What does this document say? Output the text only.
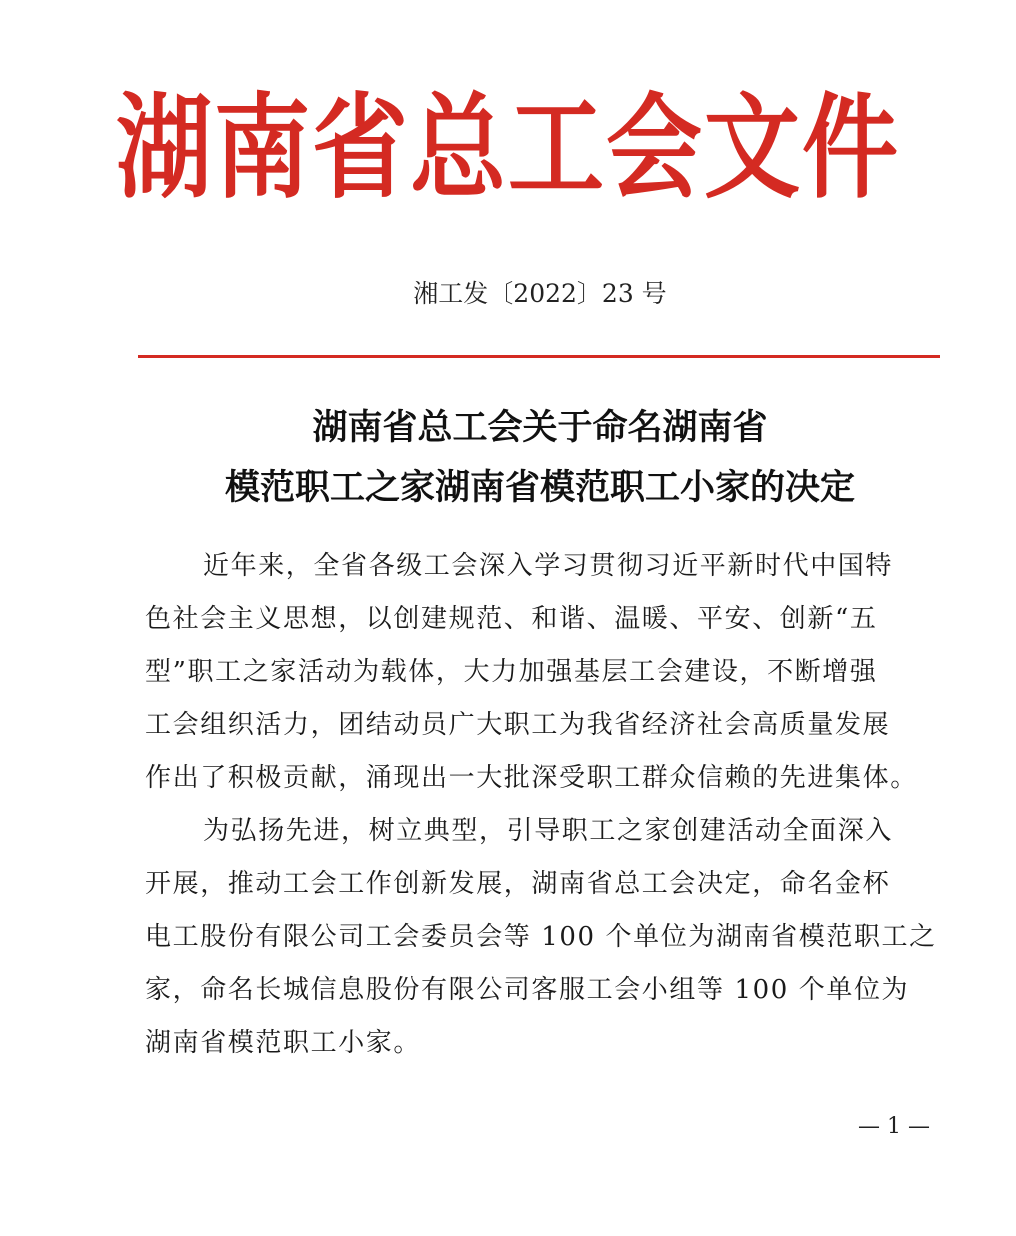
湖南省总工会文件
湘工发〔2022〕23 号
湖南省总工会关于命名湖南省
模范职工之家湖南省模范职工小家的决定
近年来，全省各级工会深入学习贯彻习近平新时代中国特
色社会主义思想，以创建规范、和谐、温暖、平安、创新“五
型”职工之家活动为载体，大力加强基层工会建设，不断增强
工会组织活力，团结动员广大职工为我省经济社会高质量发展
作出了积极贡献，涌现出一大批深受职工群众信赖的先进集体。
为弘扬先进，树立典型，引导职工之家创建活动全面深入
开展，推动工会工作创新发展，湖南省总工会决定，命名金杯
电工股份有限公司工会委员会等 100 个单位为湖南省模范职工之
家，命名长城信息股份有限公司客服工会小组等 100 个单位为
湖南省模范职工小家。
— 1 —
